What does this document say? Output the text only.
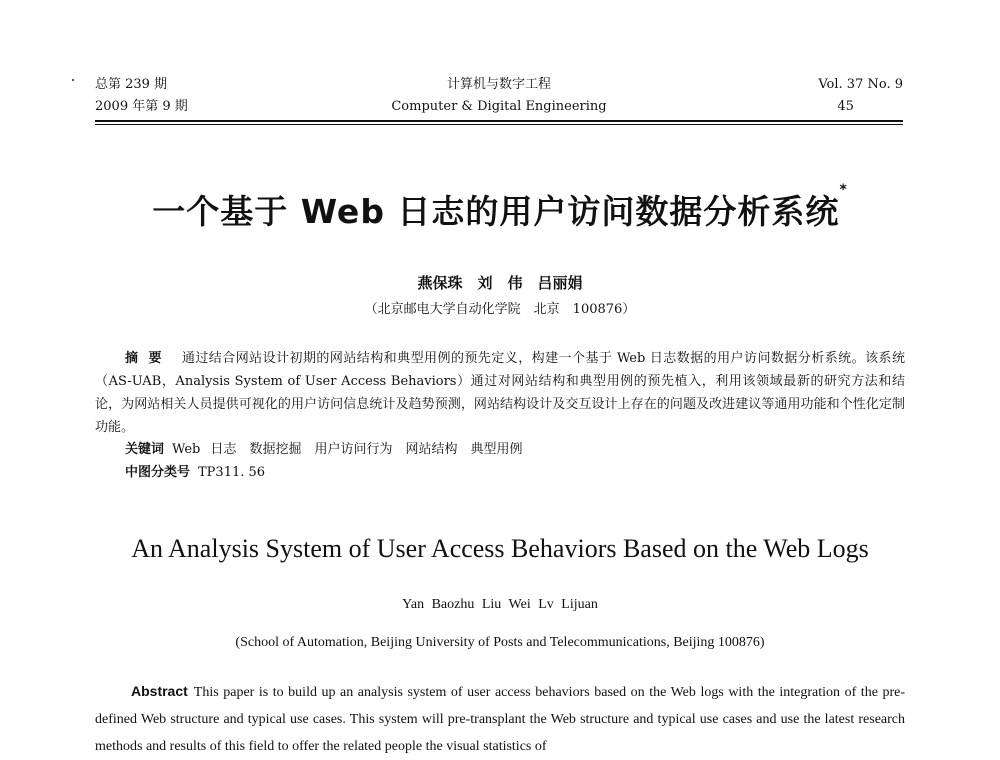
总第 239 期
2009 年第 9 期
计算机与数字工程
Computer & Digital Engineering
Vol. 37 No. 9
45
一个基于 Web 日志的用户访问数据分析系统*
燕保珠　刘　伟　吕丽娟
（北京邮电大学自动化学院　北京　100876）
摘要 通过结合网站设计初期的网站结构和典型用例的预先定义，构建一个基于 Web 日志数据的用户访问数据分析系统。该系统（AS-UAB，Analysis System of User Access Behaviors）通过对网站结构和典型用例的预先植入，利用该领域最新的研究方法和结论，为网站相关人员提供可视化的用户访问信息统计及趋势预测，网站结构设计及交互设计上存在的问题及改进建议等通用功能和个性化定制功能。
关键词 Web 日志　数据挖掘　用户访问行为　网站结构　典型用例
中图分类号 TP311. 56
An Analysis System of User Access Behaviors Based on the Web Logs
Yan Baozhu Liu Wei Lv Lijuan
(School of Automation, Beijing University of Posts and Telecommunications, Beijing 100876)
Abstract This paper is to build up an analysis system of user access behaviors based on the Web logs with the integration of the pre-defined Web structure and typical use cases. This system will pre-transplant the Web structure and typical use cases and use the latest research methods and results of this field to offer the related people the visual statistics of
